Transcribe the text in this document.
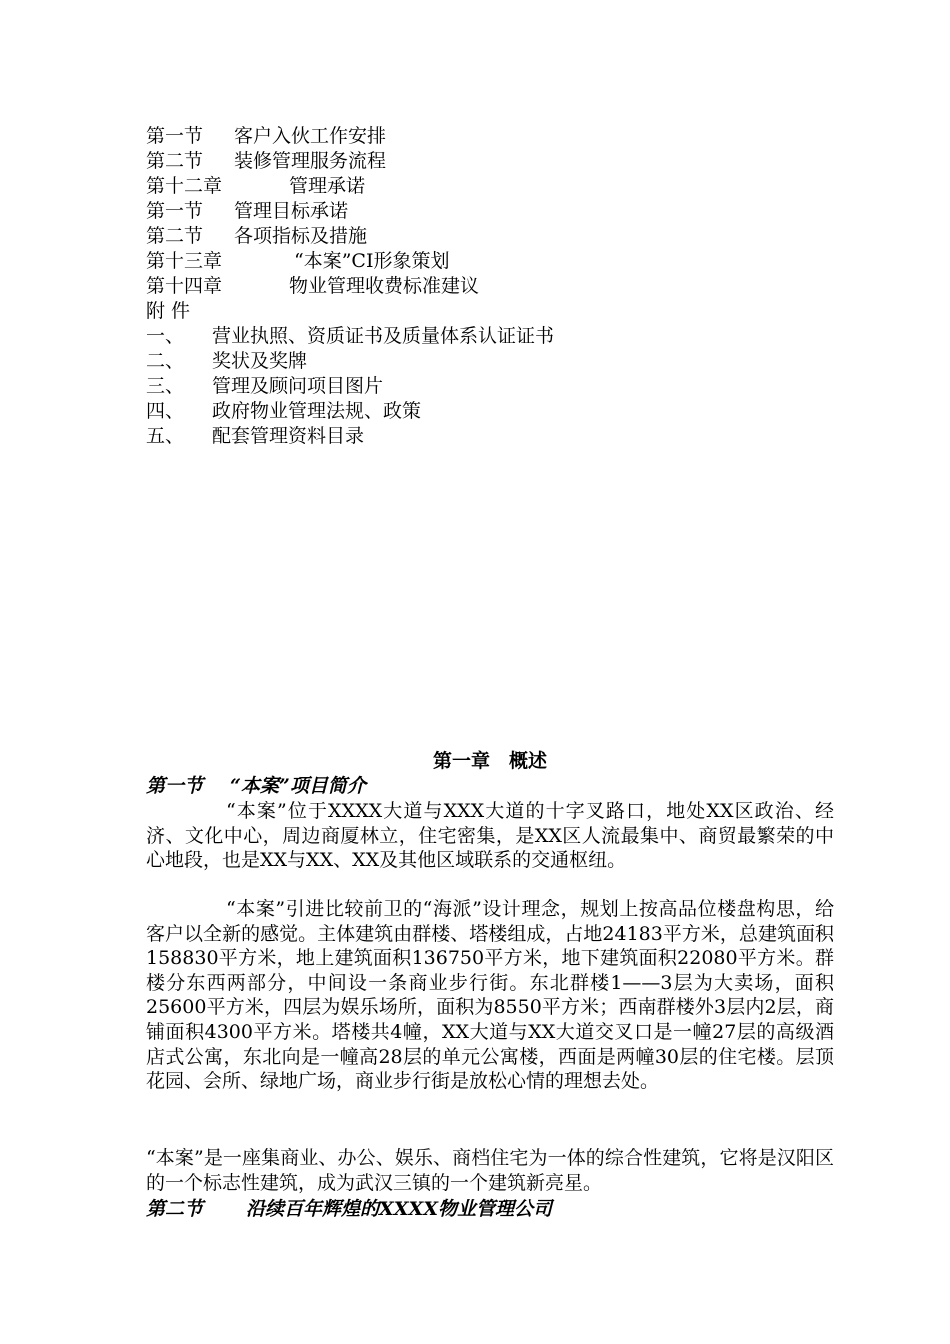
第一节	客户入伙工作安排
第二节	装修管理服务流程
第十二章	管理承诺
第一节	管理目标承诺
第二节	各项指标及措施
第十三章	“本案”CI形象策划
第十四章	物业管理收费标准建议
附 件
一、	营业执照、资质证书及质量体系认证证书
二、	奖状及奖牌
三、	管理及顾问项目图片
四、	政府物业管理法规、政策
五、	配套管理资料目录
第一章　概述
第一节 “本案”项目简介

“本案”位于XXXX大道与XXX大道的十字叉路口，地处XX区政治、经济、文化中心，周边商厦林立，住宅密集，是XX区人流最集中、商贸最繁荣的中心地段，也是XX与XX、XX及其他区域联系的交通枢纽。

“本案”引进比较前卫的“海派”设计理念，规划上按高品位楼盘构思，给客户以全新的感觉。主体建筑由群楼、塔楼组成，占地24183平方米，总建筑面积158830平方米，地上建筑面积136750平方米，地下建筑面积22080平方米。群楼分东西两部分，中间设一条商业步行街。东北群楼1——3层为大卖场，面积25600平方米，四层为娱乐场所，面积为8550平方米；西南群楼外3层内2层，商铺面积4300平方米。塔楼共4幢，XX大道与XX大道交叉口是一幢27层的高级酒店式公寓，东北向是一幢高28层的单元公寓楼，西面是两幢30层的住宅楼。层顶花园、会所、绿地广场，商业步行街是放松心情的理想去处。

“本案”是一座集商业、办公、娱乐、商档住宅为一体的综合性建筑，它将是汉阳区的一个标志性建筑，成为武汉三镇的一个建筑新亮星。

第二节 沿续百年辉煌的XXXX物业管理公司
